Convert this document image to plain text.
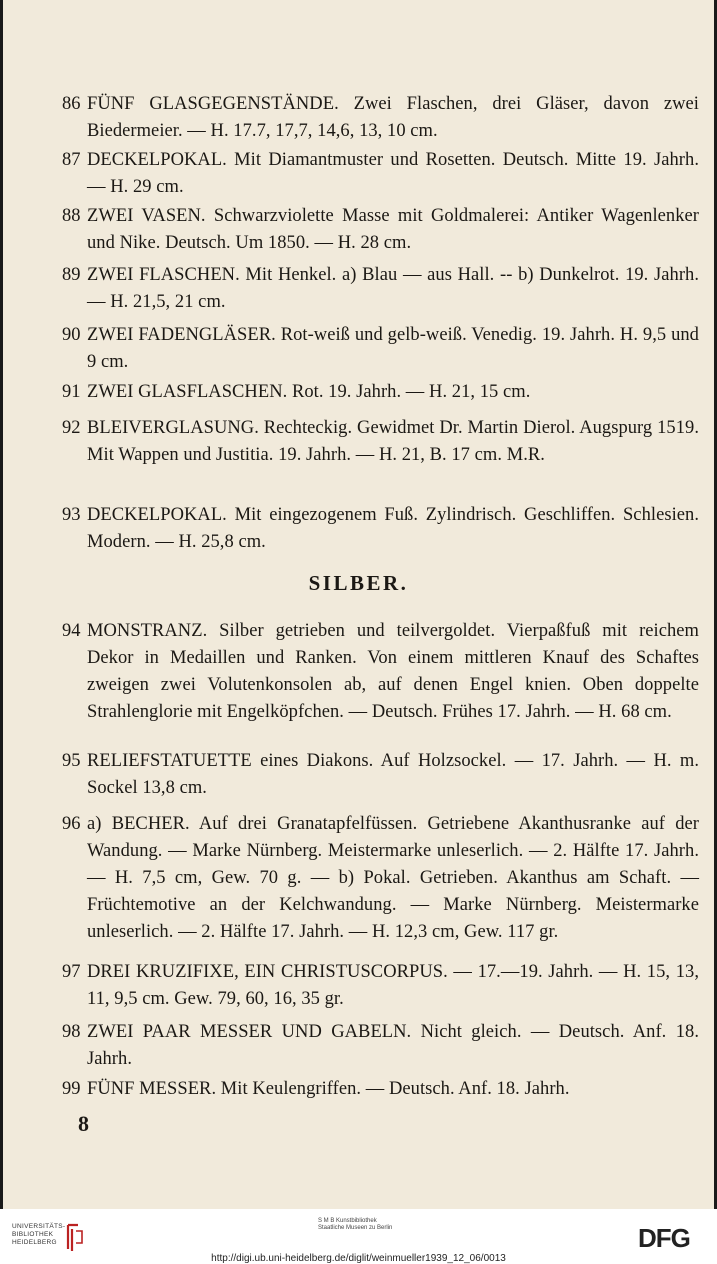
86 FÜNF GLASGEGENSTÄNDE. Zwei Flaschen, drei Gläser, davon zwei Biedermeier. — H. 17.7, 17,7, 14,6, 13, 10 cm.
87 DECKELPOKAL. Mit Diamantmuster und Rosetten. Deutsch. Mitte 19. Jahrh. — H. 29 cm.
88 ZWEI VASEN. Schwarzviolette Masse mit Goldmalerei: Antiker Wagenlenker und Nike. Deutsch. Um 1850. — H. 28 cm.
89 ZWEI FLASCHEN. Mit Henkel. a) Blau — aus Hall. -- b) Dunkelrot. 19. Jahrh. — H. 21,5, 21 cm.
90 ZWEI FADENGLÄSER. Rot-weiß und gelb-weiß. Venedig. 19. Jahrh. H. 9,5 und 9 cm.
91 ZWEI GLASFLASCHEN. Rot. 19. Jahrh. — H. 21, 15 cm.
92 BLEIVERGLASUNG. Rechteckig. Gewidmet Dr. Martin Dierol. Augspurg 1519. Mit Wappen und Justitia. 19. Jahrh. — H. 21, B. 17 cm. M.R.
93 DECKELPOKAL. Mit eingezogenem Fuß. Zylindrisch. Geschliffen. Schlesien. Modern. — H. 25,8 cm.
SILBER.
94 MONSTRANZ. Silber getrieben und teilvergoldet. Vierpaßfuß mit reichem Dekor in Medaillen und Ranken. Von einem mittleren Knauf des Schaftes zweigen zwei Volutenkonsolen ab, auf denen Engel knien. Oben doppelte Strahlenglorie mit Engelköpfchen. — Deutsch. Frühes 17. Jahrh. — H. 68 cm.
95 RELIEFSTATUETTE eines Diakons. Auf Holzsockel. — 17. Jahrh. — H. m. Sockel 13,8 cm.
96 a) BECHER. Auf drei Granatapfelfüssen. Getriebene Akanthusranke auf der Wandung. — Marke Nürnberg. Meistermarke unleserlich. — 2. Hälfte 17. Jahrh. — H. 7,5 cm, Gew. 70 g. — b) Pokal. Getrieben. Akanthus am Schaft. — Früchtemotive an der Kelchwandung. — Marke Nürnberg. Meistermarke unleserlich. — 2. Hälfte 17. Jahrh. — H. 12,3 cm, Gew. 117 gr.
97 DREI KRUZIFIXE, EIN CHRISTUSCORPUS. — 17.—19. Jahrh. — H. 15, 13, 11, 9,5 cm. Gew. 79, 60, 16, 35 gr.
98 ZWEI PAAR MESSER UND GABELN. Nicht gleich. — Deutsch. Anf. 18. Jahrh.
99 FÜNF MESSER. Mit Keulengriffen. — Deutsch. Anf. 18. Jahrh.
8
UNIVERSITÄTS-BIBLIOTHEK HEIDELBERG
S M B Kunstbibliothek Staatliche Museen zu Berlin	DFG
http://digi.ub.uni-heidelberg.de/diglit/weinmueller1939_12_06/0013
